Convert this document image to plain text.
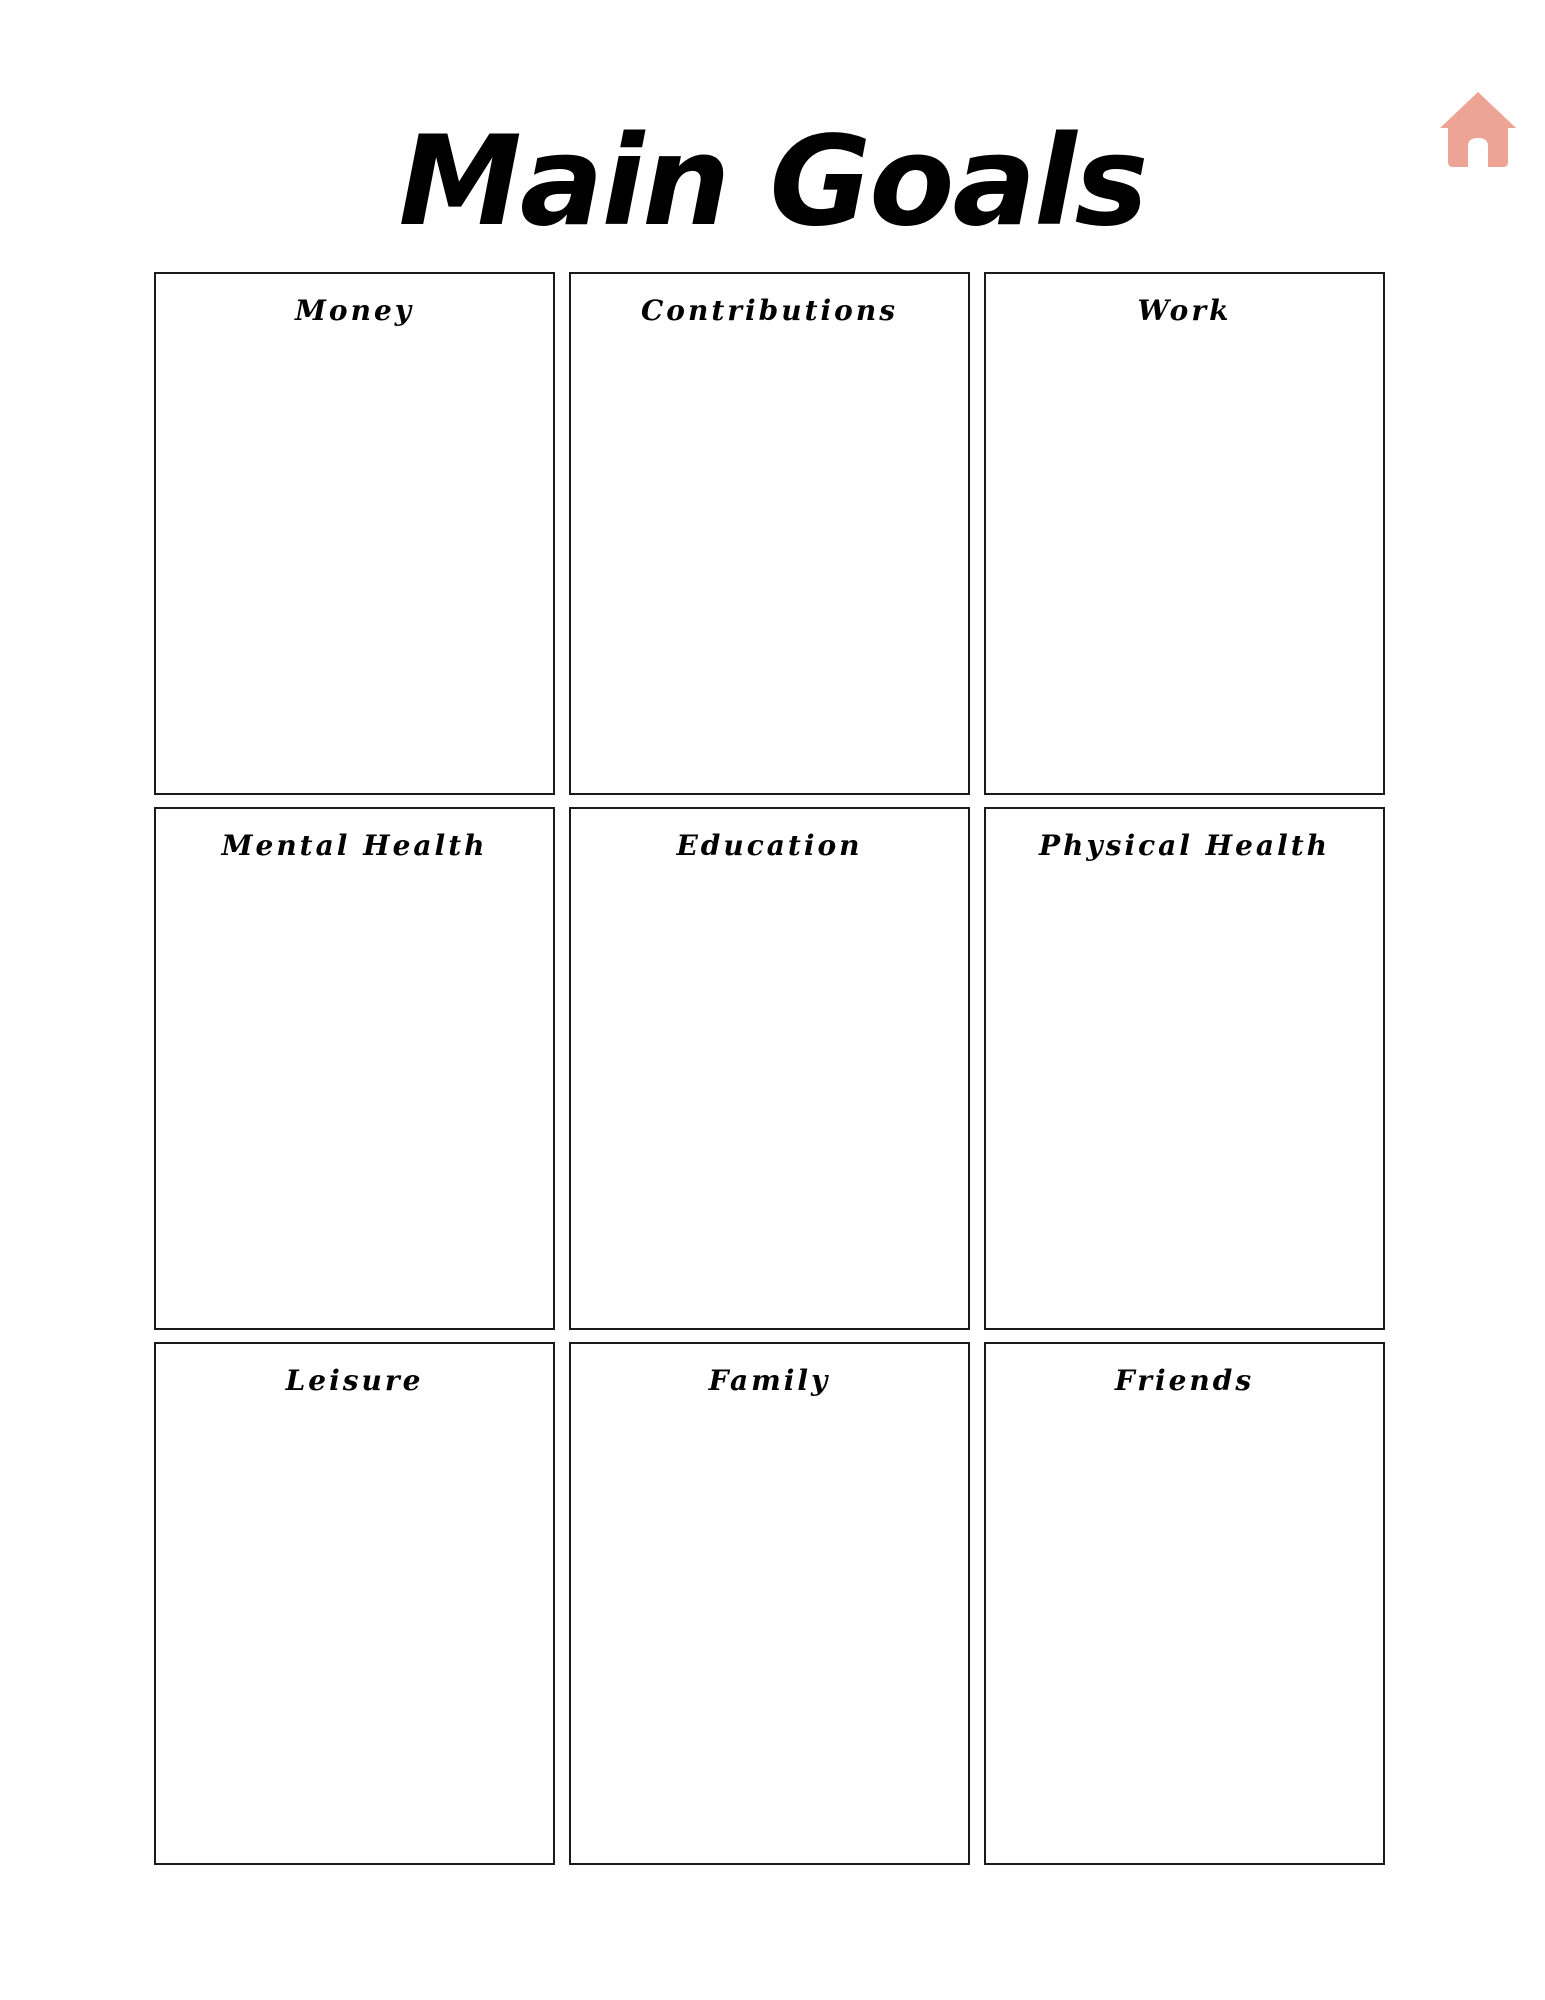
Main Goals
Money	Contributions	Work
Mental Health	Education	Physical Health
Leisure	Family	Friends
